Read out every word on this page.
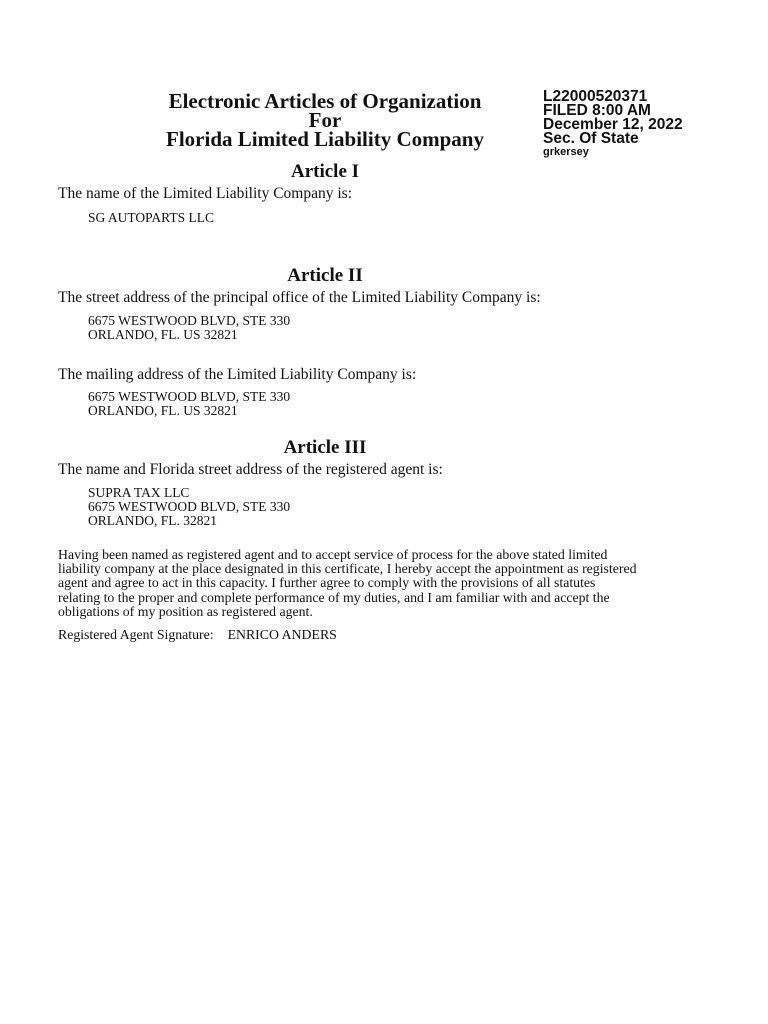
Electronic Articles of Organization
For
Florida Limited Liability Company
L22000520371
FILED 8:00 AM
December 12, 2022
Sec. Of State
grkersey
Article I
The name of the Limited Liability Company is:
SG AUTOPARTS LLC
Article II
The street address of the principal office of the Limited Liability Company is:
6675 WESTWOOD BLVD, STE 330
ORLANDO, FL. US 32821
The mailing address of the Limited Liability Company is:
6675 WESTWOOD BLVD, STE 330
ORLANDO, FL. US 32821
Article III
The name and Florida street address of the registered agent is:
SUPRA TAX LLC
6675 WESTWOOD BLVD, STE 330
ORLANDO, FL. 32821
Having been named as registered agent and to accept service of process for the above stated limited
liability company at the place designated in this certificate, I hereby accept the appointment as registered
agent and agree to act in this capacity. I further agree to comply with the provisions of all statutes
relating to the proper and complete performance of my duties, and I am familiar with and accept the
obligations of my position as registered agent.
Registered Agent Signature: ENRICO ANDERS
